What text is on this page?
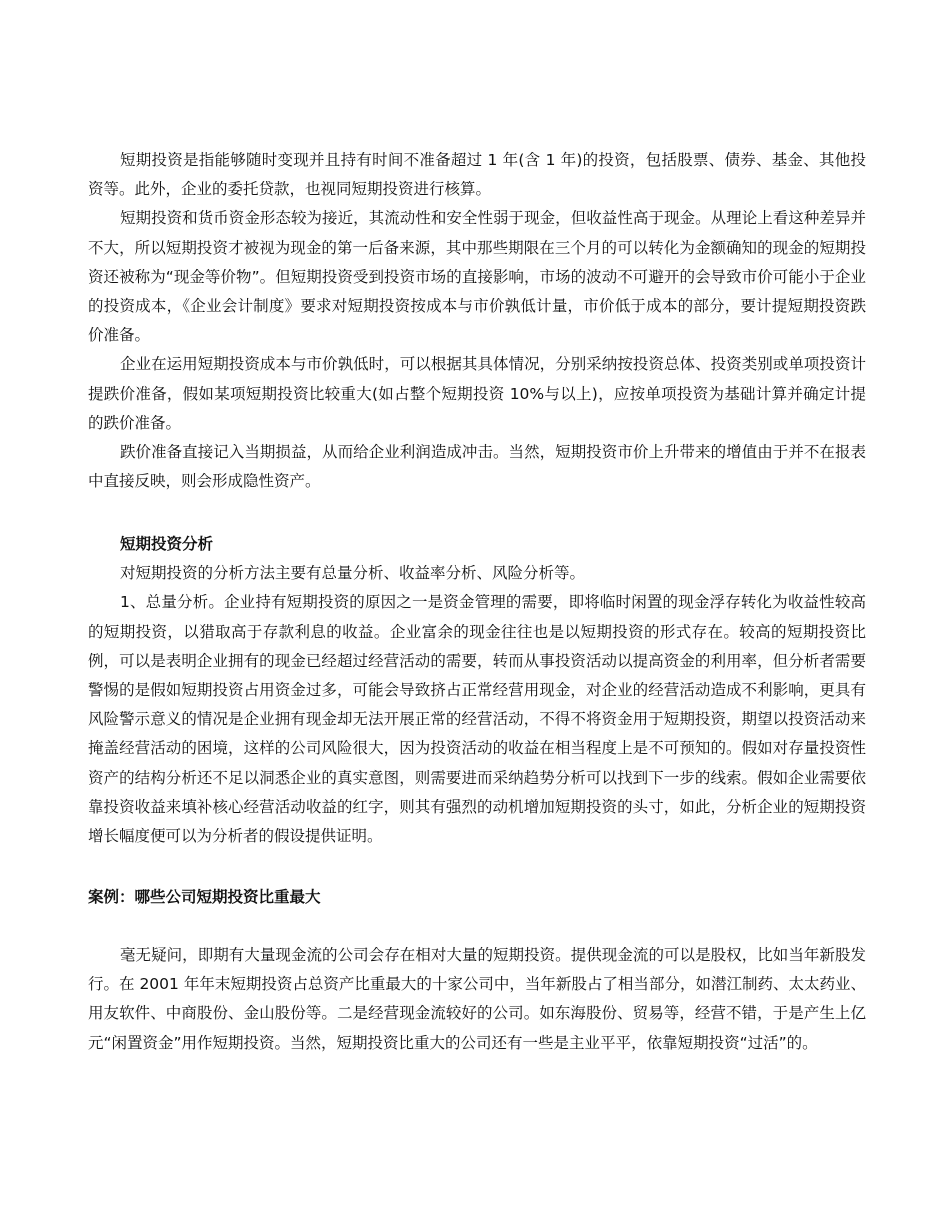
短期投资是指能够随时变现并且持有时间不准备超过 1 年(含 1 年)的投资，包括股票、债券、基金、其他投资等。此外，企业的委托贷款，也视同短期投资进行核算。

短期投资和货币资金形态较为接近，其流动性和安全性弱于现金，但收益性高于现金。从理论上看这种差异并不大，所以短期投资才被视为现金的第一后备来源，其中那些期限在三个月的可以转化为金额确知的现金的短期投资还被称为“现金等价物”。但短期投资受到投资市场的直接影响，市场的波动不可避开的会导致市价可能小于企业的投资成本，《企业会计制度》要求对短期投资按成本与市价孰低计量，市价低于成本的部分，要计提短期投资跌价准备。

企业在运用短期投资成本与市价孰低时，可以根据其具体情况，分别采纳按投资总体、投资类别或单项投资计提跌价准备，假如某项短期投资比较重大(如占整个短期投资 10%与以上)，应按单项投资为基础计算并确定计提的跌价准备。

跌价准备直接记入当期损益，从而给企业利润造成冲击。当然，短期投资市价上升带来的增值由于并不在报表中直接反映，则会形成隐性资产。

短期投资分析

对短期投资的分析方法主要有总量分析、收益率分析、风险分析等。

1、总量分析。企业持有短期投资的原因之一是资金管理的需要，即将临时闲置的现金浮存转化为收益性较高的短期投资，以猎取高于存款利息的收益。企业富余的现金往往也是以短期投资的形式存在。较高的短期投资比例，可以是表明企业拥有的现金已经超过经营活动的需要，转而从事投资活动以提高资金的利用率，但分析者需要警惕的是假如短期投资占用资金过多，可能会导致挤占正常经营用现金，对企业的经营活动造成不利影响，更具有风险警示意义的情况是企业拥有现金却无法开展正常的经营活动，不得不将资金用于短期投资，期望以投资活动来掩盖经营活动的困境，这样的公司风险很大，因为投资活动的收益在相当程度上是不可预知的。假如对存量投资性资产的结构分析还不足以洞悉企业的真实意图，则需要进而采纳趋势分析可以找到下一步的线索。假如企业需要依靠投资收益来填补核心经营活动收益的红字，则其有强烈的动机增加短期投资的头寸，如此，分析企业的短期投资增长幅度便可以为分析者的假设提供证明。

案例：哪些公司短期投资比重最大

毫无疑问，即期有大量现金流的公司会存在相对大量的短期投资。提供现金流的可以是股权，比如当年新股发行。在 2001 年年末短期投资占总资产比重最大的十家公司中，当年新股占了相当部分，如潜江制药、太太药业、用友软件、中商股份、金山股份等。二是经营现金流较好的公司。如东海股份、贸易等，经营不错，于是产生上亿元“闲置资金”用作短期投资。当然，短期投资比重大的公司还有一些是主业平平，依靠短期投资“过活”的。
